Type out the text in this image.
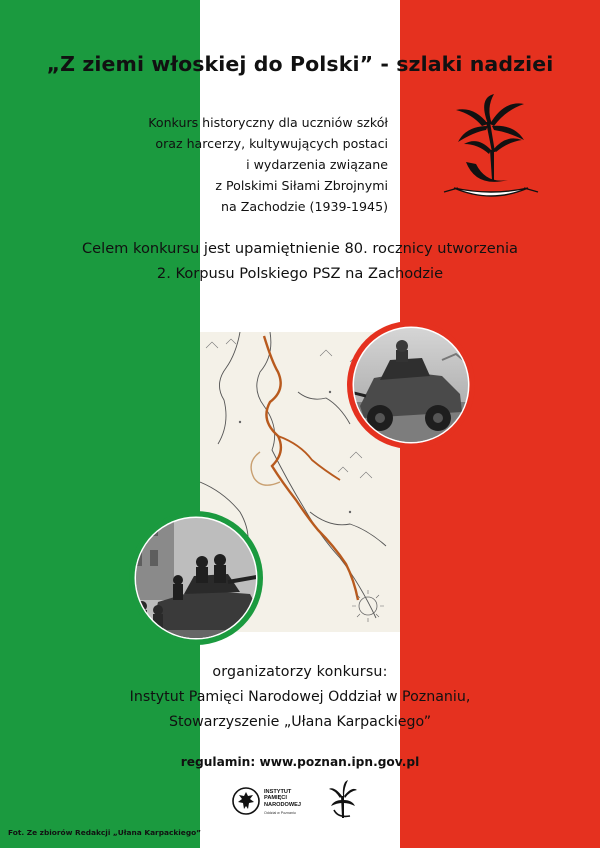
„Z ziemi włoskiej do Polski” - szlaki nadziei
Konkurs historyczny dla uczniów szkół
oraz harcerzy, kultywujących postaci
i wydarzenia związane
z Polskimi Siłami Zbrojnymi
na Zachodzie (1939-1945)
Celem konkursu jest upamiętnienie 80. rocznicy utworzenia
2. Korpusu Polskiego PSZ na Zachodzie
organizatorzy konkursu:
Instytut Pamięci Narodowej Oddział w Poznaniu,
Stowarzyszenie „Ułana Karpackiego”
regulamin: www.poznan.ipn.gov.pl
INSTYTUT
PAMIĘCI
NARODOWEJ
Oddział w Poznaniu
Fot. Ze zbiorów Redakcji „Ułana Karpackiego”
